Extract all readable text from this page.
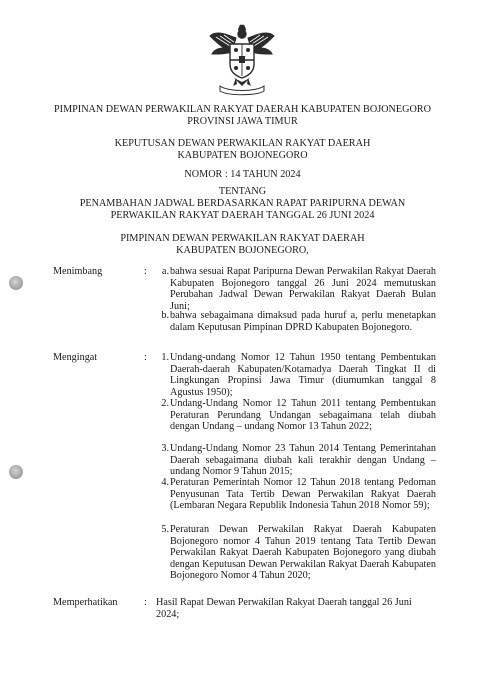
PIMPINAN DEWAN PERWAKILAN RAKYAT DAERAH KABUPATEN BOJONEGORO
PROVINSI JAWA TIMUR
KEPUTUSAN DEWAN PERWAKILAN RAKYAT DAERAH
KABUPATEN BOJONEGORO
NOMOR : 14 TAHUN 2024
TENTANG
PENAMBAHAN JADWAL BERDASARKAN RAPAT PARIPURNA DEWAN
PERWAKILAN RAKYAT DAERAH TANGGAL 26 JUNI 2024
PIMPINAN DEWAN PERWAKILAN RAKYAT DAERAH
KABUPATEN BOJONEGORO,
Menimbang	:	a. bahwa sesuai Rapat Paripurna Dewan Perwakilan Rakyat Daerah Kabupaten Bojonegoro tanggal 26 Juni 2024 memutuskan Perubahan Jadwal Dewan Perwakilan Rakyat Daerah Bulan Juni;
b. bahwa sebagaimana dimaksud pada huruf a, perlu menetapkan dalam Keputusan Pimpinan DPRD Kabupaten Bojonegoro.
Mengingat	:	1. Undang-undang Nomor 12 Tahun 1950 tentang Pembentukan Daerah-daerah Kabupaten/Kotamadya Daerah Tingkat II di Lingkungan Propinsi Jawa Timur (diumumkan tanggal 8 Agustus 1950);
2. Undang-Undang Nomor 12 Tahun 2011 tentang Pembentukan Peraturan Perundang Undangan sebagaimana telah diubah dengan Undang – undang Nomor 13 Tahun 2022;
3. Undang-Undang Nomor 23 Tahun 2014 Tentang Pemerintahan Daerah sebagaimana diubah kali terakhir dengan Undang – undang Nomor 9 Tahun 2015;
4. Peraturan Pemerintah Nomor 12 Tahun 2018 tentang Pedoman Penyusunan Tata Tertib Dewan Perwakilan Rakyat Daerah (Lembaran Negara Republik Indonesia Tahun 2018 Nomor 59);
5. Peraturan Dewan Perwakilan Rakyat Daerah Kabupaten Bojonegoro nomor 4 Tahun 2019 tentang Tata Tertib Dewan Perwakilan Rakyat Daerah Kabupaten Bojonegoro yang diubah dengan Keputusan Dewan Perwakilan Rakyat Daerah Kabupaten Bojonegoro Nomor 4 Tahun 2020;
Memperhatikan	: Hasil Rapat Dewan Perwakilan Rakyat Daerah tanggal 26 Juni 2024;
